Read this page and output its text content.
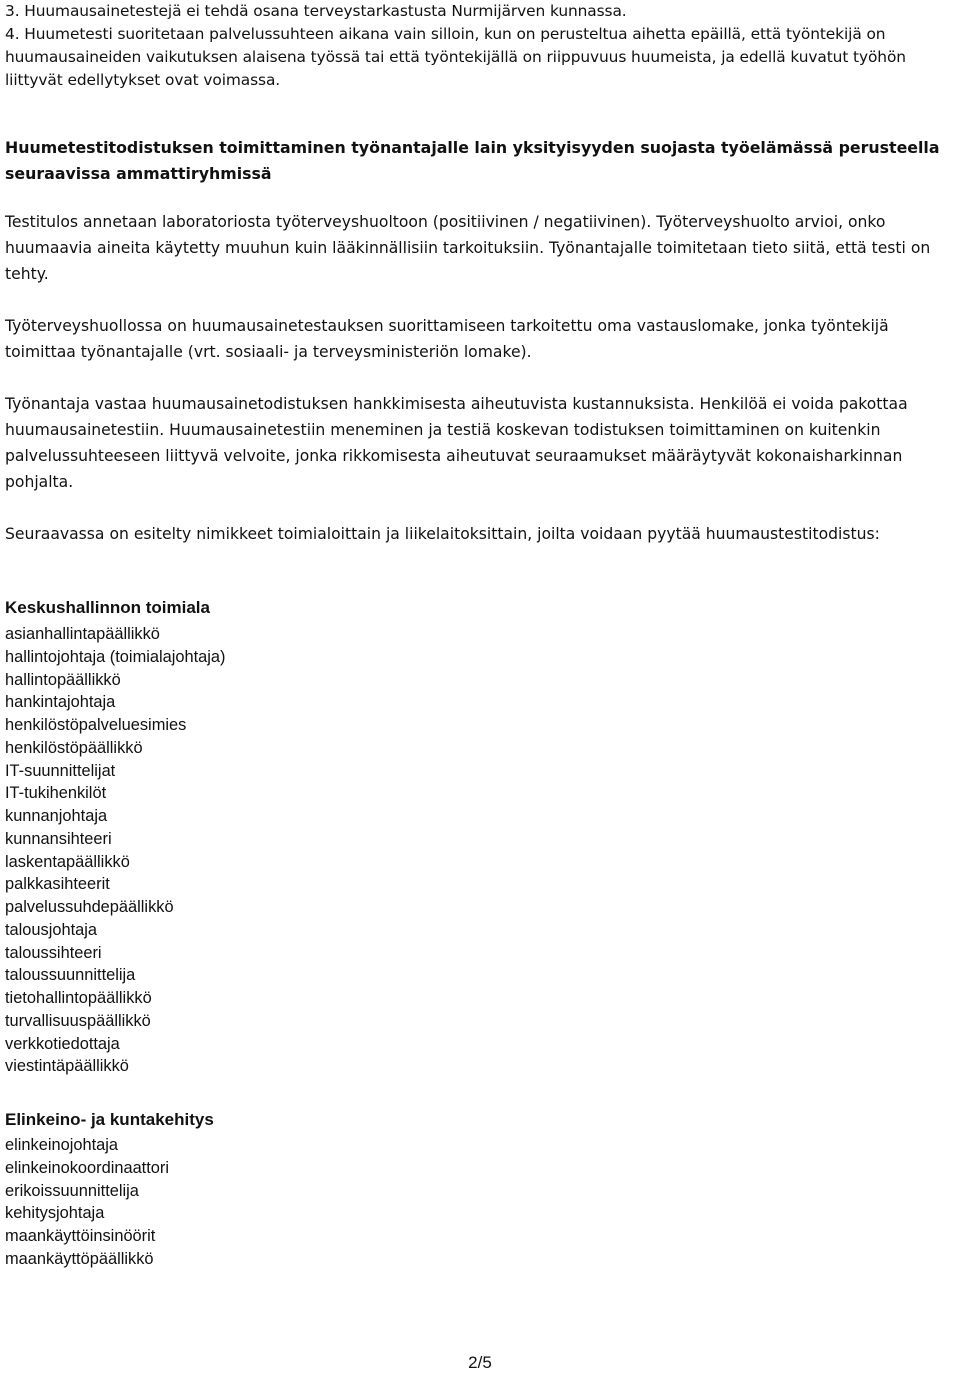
3. Huumausainetestejä ei tehdä osana terveystarkastusta Nurmijärven kunnassa.

4. Huumetesti suoritetaan palvelussuhteen aikana vain silloin, kun on perusteltua aihetta epäillä, että työntekijä on huumausaineiden vaikutuksen alaisena työssä tai että työntekijällä on riippuvuus huumeista, ja edellä kuvatut työhön liittyvät edellytykset ovat voimassa.

Huumetestitodistuksen toimittaminen työnantajalle lain yksityisyyden suojasta työelämässä perusteella seuraavissa ammattiryhmissä
Testitulos annetaan laboratoriosta työterveyshuoltoon (positiivinen / negatiivinen). Työterveyshuolto arvioi, onko huumaavia aineita käytetty muuhun kuin lääkinnällisiin tarkoituksiin. Työnantajalle toimitetaan tieto siitä, että testi on tehty.
Työterveyshuollossa on huumausainetestauksen suorittamiseen tarkoitettu oma vastauslomake, jonka työntekijä toimittaa työnantajalle (vrt. sosiaali- ja terveysministeriön lomake).
Työnantaja vastaa huumausainetodistuksen hankkimisesta aiheutuvista kustannuksista. Henkilöä ei voida pakottaa huumausainetestiin. Huumausainetestiin meneminen ja testiä koskevan todistuksen toimittaminen on kuitenkin palvelussuhteeseen liittyvä velvoite, jonka rikkomisesta aiheutuvat seuraamukset määräytyvät kokonaisharkinnan pohjalta.
Seuraavassa on esitelty nimikkeet toimialoittain ja liikelaitoksittain, joilta voidaan pyytää huumaustestitodistus:
Keskushallinnon toimiala
asianhallintapäällikkö
hallintojohtaja (toimialajohtaja)
hallintopäällikkö
hankintajohtaja
henkilöstöpalveluesimies
henkilöstöpäällikkö
IT-suunnittelijat
IT-tukihenkilöt
kunnanjohtaja
kunnansihteeri
laskentapäällikkö
palkkasihteerit
palvelussuhdepäällikkö
talousjohtaja
taloussihteeri
taloussuunnittelija
tietohallintopäällikkö
turvallisuuspäällikkö
verkkotiedottaja
viestintäpäällikkö
Elinkeino- ja kuntakehitys
elinkeinojohtaja
elinkeinokoordinaattori
erikoissuunnittelija
kehitysjohtaja
maankäyttöinsinöörit
maankäyttöpäällikkö
2/5
